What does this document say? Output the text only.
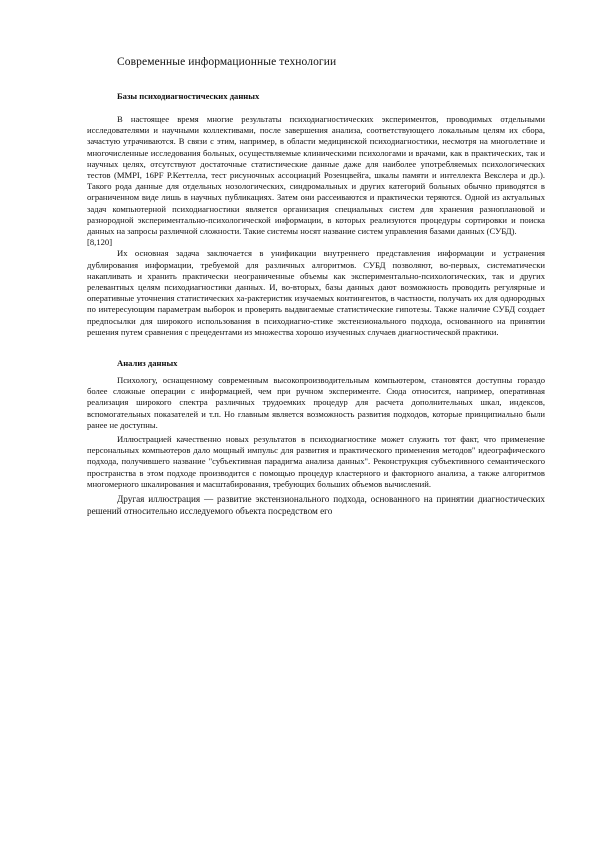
Современные информационные технологии
Базы психодиагностических данных

В настоящее время многие результаты психодиагностических экспериментов, проводимых отдельными исследователями и научными коллективами, после завершения анализа, соответствующего локальным целям их сбора, зачастую утрачиваются. В связи с этим, например, в области медицинской психодиагностики, несмотря на многолетние и многочисленные исследования больных, осуществляемые клиническими психологами и врачами, как в практических, так и научных целях, отсутствуют достаточные статистические данные даже для наиболее употребляемых психологических тестов (MMPI, 16PF Р.Кеттелла, тест рисуночных ассоциаций Розенцвейга, шкалы памяти и интеллекта Векслера и др.). Такого рода данные для отдельных нозологических, синдромальных и других категорий больных обычно приводятся в ограниченном виде лишь в научных публикациях. Затем они рассеиваются и практически теряются. Одной из актуальных задач компьютерной психодиагностики является организация специальных систем для хранения разноплановой и разнородной экспериментально-психологической информации, в которых реализуются процедуры сортировки и поиска данных на запросы различной сложности. Такие системы носят название систем управления базами данных (СУБД).

[8,120]

Их основная задача заключается в унификации внутреннего представления информации и устранения дублирования информации, требуемой для различных алгоритмов. СУБД позволяют, во-первых, систематически накапливать и хранить практически неограниченные объемы как экспериментально-психологических, так и других релевантных целям психодиагностики данных. И, во-вторых, базы данных дают возможность проводить регулярные и оперативные уточнения статистических ха-рактеристик изучаемых контингентов, в частности, получать их для однородных по интересующим параметрам выборок и проверять выдвигаемые статистические гипотезы. Также наличие СУБД создает предпосылки для широкого использования в психодиагно-стике экстензионального подхода, основанного на принятии решения путем сравнения с прецедентами из множества хорошо изученных случаев диагностической практики.

Анализ данных

Психологу, оснащенному современным высокопроизводительным компьютером, становятся доступны гораздо более сложные операции с информацией, чем при ручном эксперименте. Сюда относится, например, оперативная реализация широкого спектра различных трудоемких процедур для расчета дополнительных шкал, индексов, вспомогательных показателей и т.п. Но главным является возможность развития подходов, которые принципиально были ранее не доступны.

Иллюстрацией качественно новых результатов в психодиагностике может служить тот факт, что применение персональных компьютеров дало мощный импульс для развития и практического применения методов" идеографического подхода, получившего название "субъективная парадигма анализа данных". Реконструкция субъективного семантического пространства в этом подходе производится с помощью процедур кластерного и факторного анализа, а также алгоритмов многомерного шкалирования и масштабирования, требующих больших объемов вычислений.

Другая иллюстрация — развитие экстензионального подхода, основанного на принятии диагностических решений относительно исследуемого объекта посредством его
